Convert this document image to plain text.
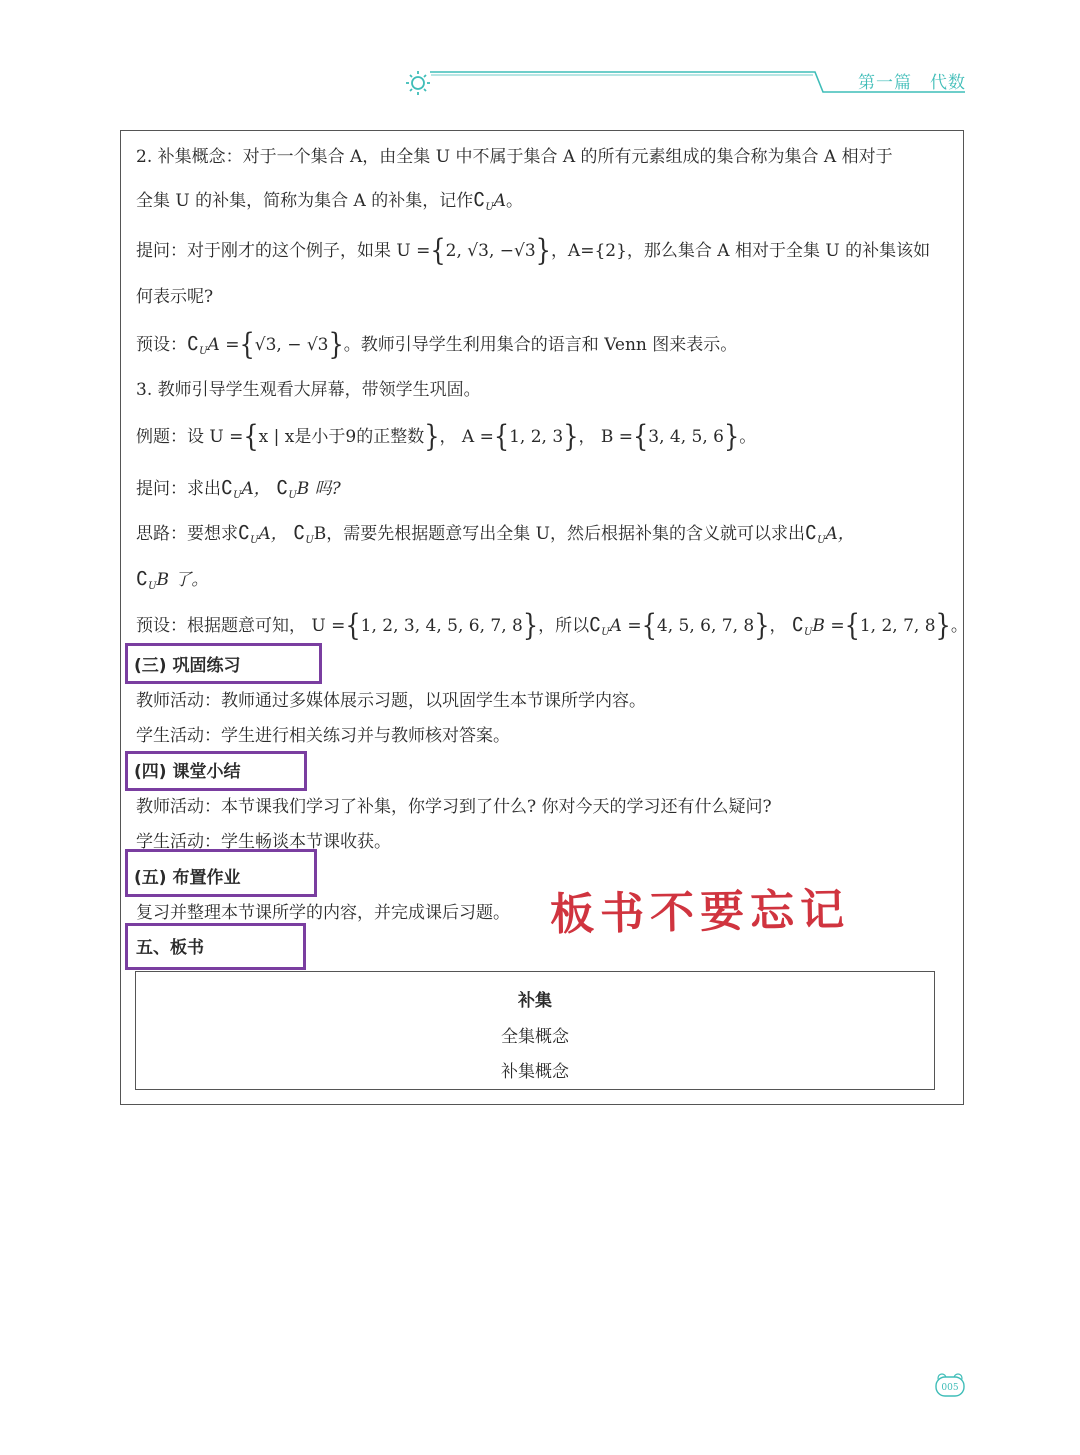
第一篇　代数
2. 补集概念：对于一个集合 A，由全集 U 中不属于集合 A 的所有元素组成的集合称为集合 A 相对于
全集 U 的补集，简称为集合 A 的补集，记作$∁_UA$。
提问：对于刚才的这个例子，如果 U ={2, √3, −√3}，A={2}，那么集合 A 相对于全集 U 的补集该如
何表示呢?
预设：$∁_UA =\{√3$, − √3}。教师引导学生利用集合的语言和 Venn 图来表示。
3. 教师引导学生观看大屏幕，带领学生巩固。
例题：设 U ={x | x是小于9的正整数}， A ={1, 2, 3}， B ={3, 4, 5, 6}。
提问：求出$∁_UA$， $∁_UB$ 吗?
思路：要想求$∁_UA$， $∁_UB$，需要先根据题意写出全集 U，然后根据补集的含义就可以求出$∁_UA$，
$∁_UB$ 了。
预设：根据题意可知， U ={1, 2, 3, 4, 5, 6, 7, 8}，所以$∁_UA =\{4$, 5, 6, 7, 8}， $∁_UB =\{1$, 2, 7, 8}。
(三) 巩固练习
教师活动：教师通过多媒体展示习题，以巩固学生本节课所学内容。
学生活动：学生进行相关练习并与教师核对答案。
(四) 课堂小结
教师活动：本节课我们学习了补集，你学习到了什么? 你对今天的学习还有什么疑问?
学生活动：学生畅谈本节课收获。
(五) 布置作业
复习并整理本节课所学的内容，并完成课后习题。 板书不要忘记
五、板书
补集
全集概念
补集概念
005
